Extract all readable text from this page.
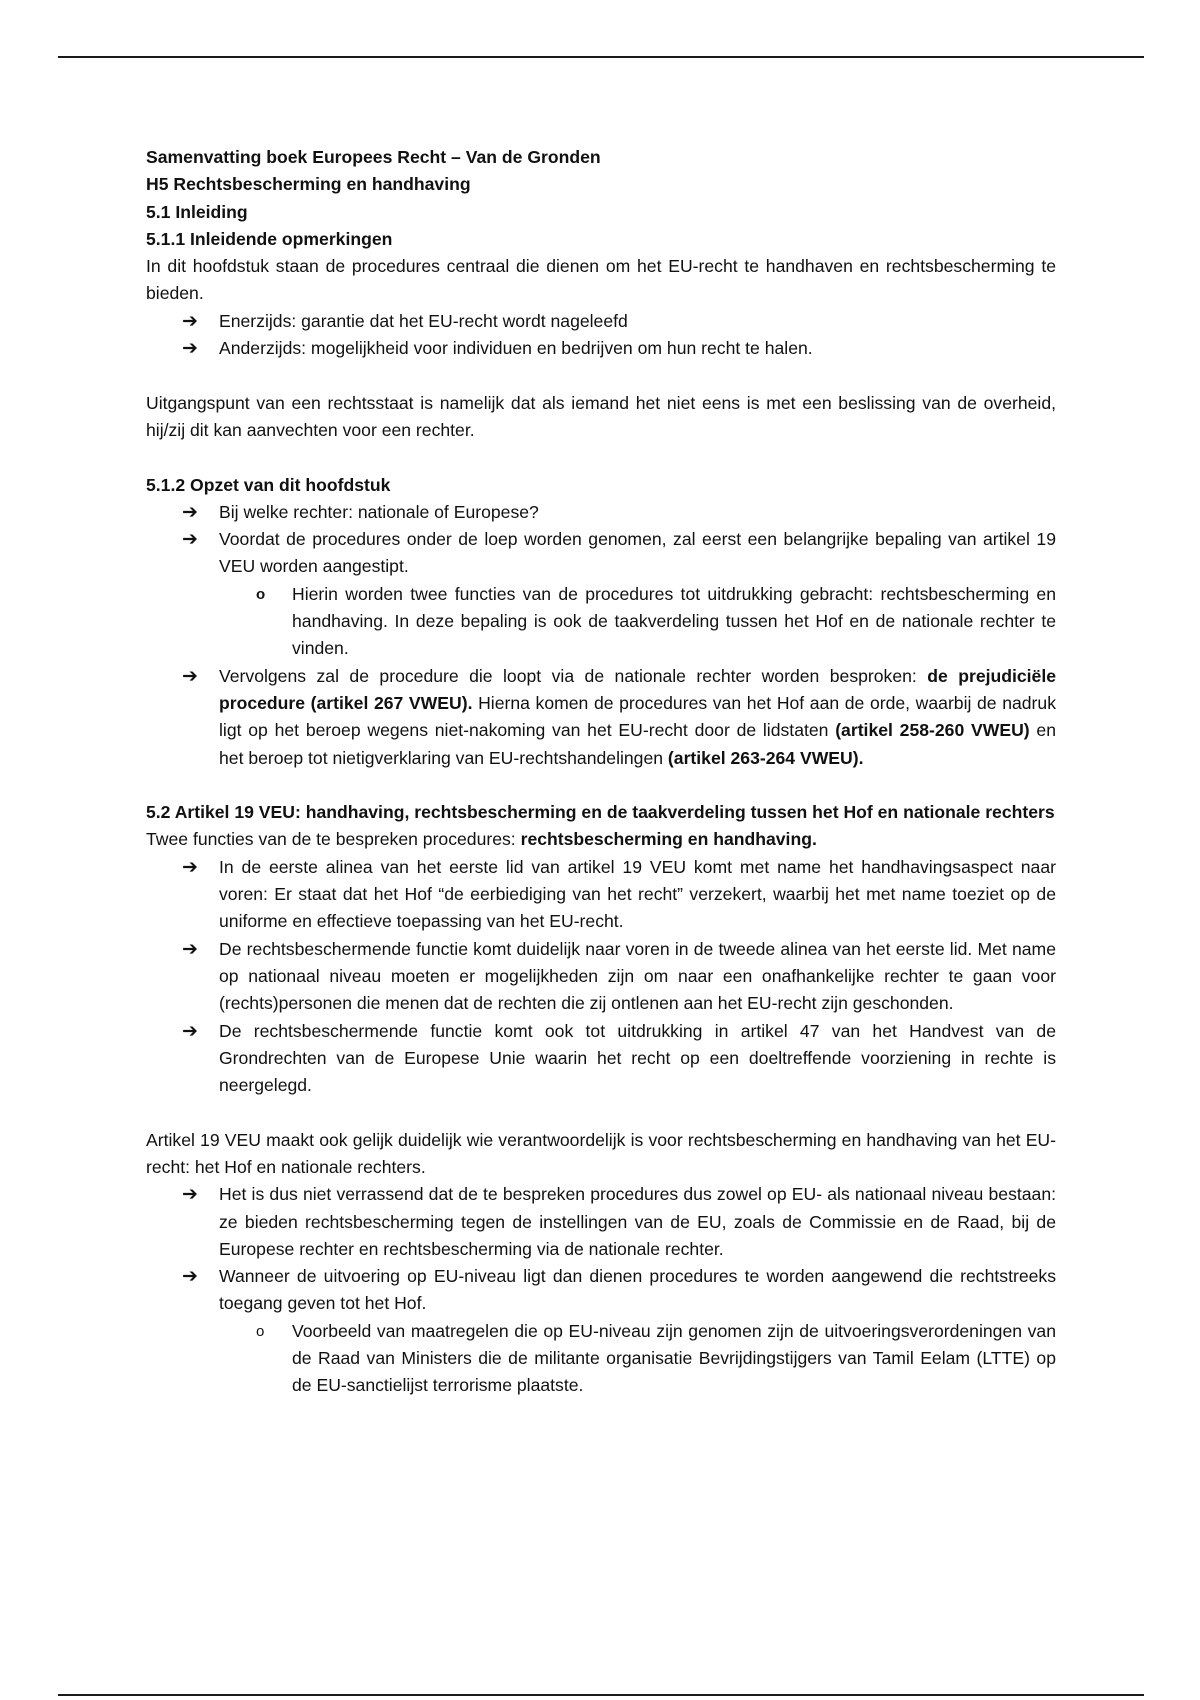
Samenvatting boek Europees Recht – Van de Gronden

H5 Rechtsbescherming en handhaving

5.1 Inleiding

5.1.1 Inleidende opmerkingen

In dit hoofdstuk staan de procedures centraal die dienen om het EU-recht te handhaven en rechtsbescherming te bieden.

➔ Enerzijds: garantie dat het EU-recht wordt nageleefd
➔ Anderzijds: mogelijkheid voor individuen en bedrijven om hun recht te halen.

Uitgangspunt van een rechtsstaat is namelijk dat als iemand het niet eens is met een beslissing van de overheid, hij/zij dit kan aanvechten voor een rechter.

5.1.2 Opzet van dit hoofdstuk

➔ Bij welke rechter: nationale of Europese?
➔ Voordat de procedures onder de loep worden genomen, zal eerst een belangrijke bepaling van artikel 19 VEU worden aangestipt.
o Hierin worden twee functies van de procedures tot uitdrukking gebracht: rechtsbescherming en handhaving. In deze bepaling is ook de taakverdeling tussen het Hof en de nationale rechter te vinden.
➔ Vervolgens zal de procedure die loopt via de nationale rechter worden besproken: de prejudiciële procedure (artikel 267 VWEU). Hierna komen de procedures van het Hof aan de orde, waarbij de nadruk ligt op het beroep wegens niet-nakoming van het EU-recht door de lidstaten (artikel 258-260 VWEU) en het beroep tot nietigverklaring van EU-rechtshandelingen (artikel 263-264 VWEU).

5.2 Artikel 19 VEU: handhaving, rechtsbescherming en de taakverdeling tussen het Hof en nationale rechters

Twee functies van de te bespreken procedures: rechtsbescherming en handhaving.

➔ In de eerste alinea van het eerste lid van artikel 19 VEU komt met name het handhavingsaspect naar voren: Er staat dat het Hof “de eerbiediging van het recht” verzekert, waarbij het met name toeziet op de uniforme en effectieve toepassing van het EU-recht.
➔ De rechtsbeschermende functie komt duidelijk naar voren in de tweede alinea van het eerste lid. Met name op nationaal niveau moeten er mogelijkheden zijn om naar een onafhankelijke rechter te gaan voor (rechts)personen die menen dat de rechten die zij ontlenen aan het EU-recht zijn geschonden.
➔ De rechtsbeschermende functie komt ook tot uitdrukking in artikel 47 van het Handvest van de Grondrechten van de Europese Unie waarin het recht op een doeltreffende voorziening in rechte is neergelegd.

Artikel 19 VEU maakt ook gelijk duidelijk wie verantwoordelijk is voor rechtsbescherming en handhaving van het EU-recht: het Hof en nationale rechters.

➔ Het is dus niet verrassend dat de te bespreken procedures dus zowel op EU- als nationaal niveau bestaan: ze bieden rechtsbescherming tegen de instellingen van de EU, zoals de Commissie en de Raad, bij de Europese rechter en rechtsbescherming via de nationale rechter.
➔ Wanneer de uitvoering op EU-niveau ligt dan dienen procedures te worden aangewend die rechtstreeks toegang geven tot het Hof.
o Voorbeeld van maatregelen die op EU-niveau zijn genomen zijn de uitvoeringsverordeningen van de Raad van Ministers die de militante organisatie Bevrijdingstijgers van Tamil Eelam (LTTE) op de EU-sanctielijst terrorisme plaatste.
